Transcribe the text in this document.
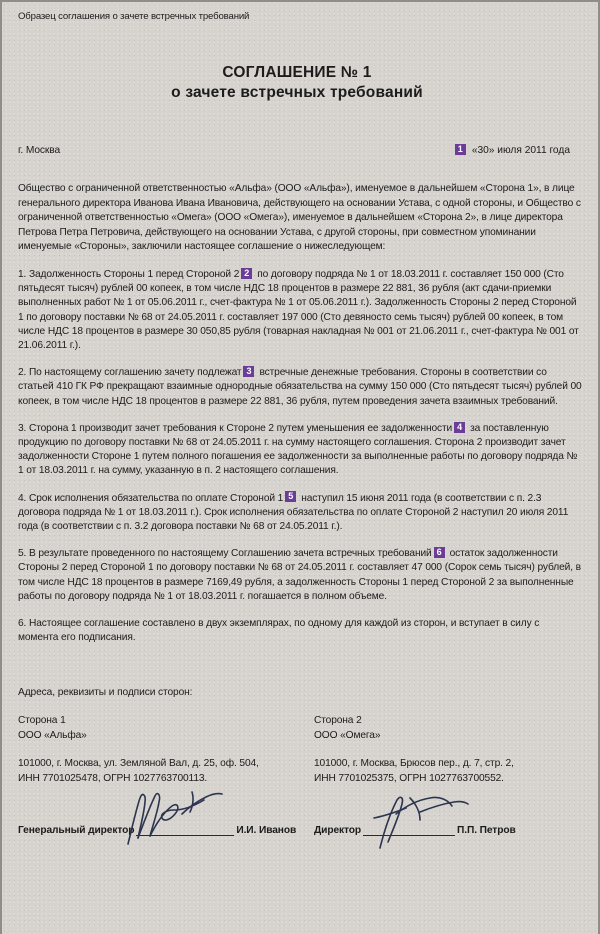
Образец соглашения о зачете встречных требований
СОГЛАШЕНИЕ № 1
о зачете встречных требований
г. Москва	1 «30» июля 2011 года

Общество с ограниченной ответственностью «Альфа» (ООО «Альфа»), именуемое в дальнейшем «Сторона 1», в лице генерального директора Иванова Ивана Ивановича, действующего на основании Устава, с одной стороны, и Общество с ограниченной ответственностью «Омега» (ООО «Омега»), именуемое в дальнейшем «Сторона 2», в лице директора Петрова Петра Петровича, действующего на основании Устава, с другой стороны, при совместном упоминании именуемые «Стороны», заключили настоящее соглашение о нижеследующем:

1. Задолженность Стороны 1 перед Стороной 2 2 по договору подряда № 1 от 18.03.2011 г. составляет 150 000 (Сто пятьдесят тысяч) рублей 00 копеек, в том числе НДС 18 процентов в размере 22 881, 36 рубля (акт сдачи-приемки выполненных работ № 1 от 05.06.2011 г., счет-фактура № 1 от 05.06.2011 г.). Задолженность Стороны 2 перед Стороной 1 по договору поставки № 68 от 24.05.2011 г. составляет 197 000 (Сто девяносто семь тысяч) рублей 00 копеек, в том числе НДС 18 процентов в размере 30 050,85 рубля (товарная накладная № 001 от 21.06.2011 г., счет-фактура № 001 от 21.06.2011 г.).

2. По настоящему соглашению зачету подлежат 3 встречные денежные требования. Стороны в соответствии со статьей 410 ГК РФ прекращают взаимные однородные обязательства на сумму 150 000 (Сто пятьдесят тысяч) рублей 00 копеек, в том числе НДС 18 процентов в размере 22 881, 36 рубля, путем проведения зачета взаимных требований.

3. Сторона 1 производит зачет требования к Стороне 2 путем уменьшения ее задолженности 4 за поставленную продукцию по договору поставки № 68 от 24.05.2011 г. на сумму настоящего соглашения. Сторона 2 производит зачет задолженности Стороне 1 путем полного погашения ее задолженности за выполненные работы по договору подряда № 1 от 18.03.2011 г. на сумму, указанную в п. 2 настоящего соглашения.

4. Срок исполнения обязательства по оплате Стороной 1 5 наступил 15 июня 2011 года (в соответствии с п. 2.3 договора подряда № 1 от 18.03.2011 г.). Срок исполнения обязательства по оплате Стороной 2 наступил 20 июля 2011 года (в соответствии с п. 3.2 договора поставки № 68 от 24.05.2011 г.).

5. В результате проведенного по настоящему Соглашению зачета встречных требований 6 остаток задолженности Стороны 2 перед Стороной 1 по договору поставки № 68 от 24.05.2011 г. составляет 47 000 (Сорок семь тысяч) рублей, в том числе НДС 18 процентов в размере 7169,49 рубля, а задолженность Стороны 1 перед Стороной 2 за выполненные работы по договору подряда № 1 от 18.03.2011 г. погашается в полном объеме.

6. Настоящее соглашение составлено в двух экземплярах, по одному для каждой из сторон, и вступает в силу с момента его подписания.

Адреса, реквизиты и подписи сторон:
Сторона 1
ООО «Альфа»
101000, г. Москва, ул. Земляной Вал, д. 25, оф. 504,
ИНН 7701025478, ОГРН 1027763700113.
Генеральный директор	И.И. Иванов
Сторона 2
ООО «Омега»
101000, г. Москва, Брюсов пер., д. 7, стр. 2,
ИНН 7701025375, ОГРН 1027763700552.
Директор	П.П. Петров
